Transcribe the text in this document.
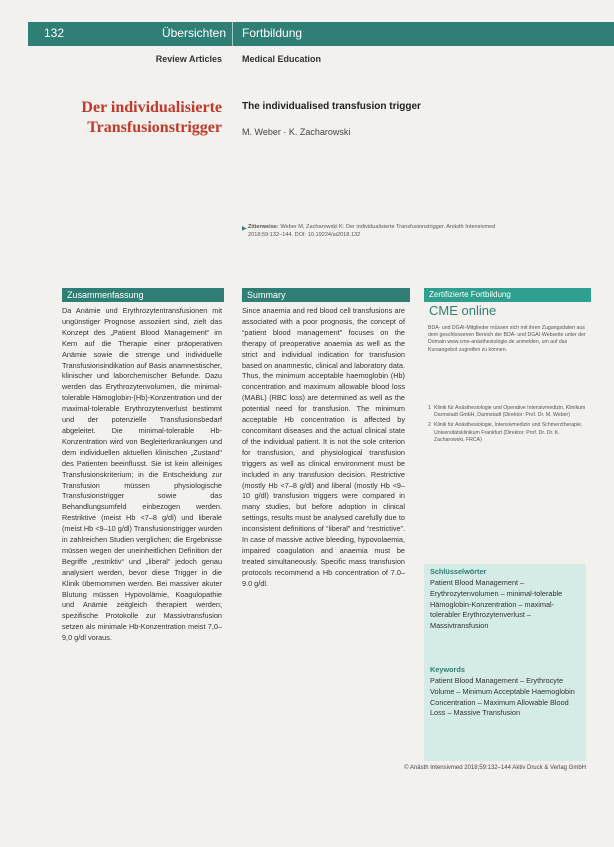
132	Übersichten Fortbildung
Review Articles Medical Education
Der individualisierte Transfusionstrigger
The individualised transfusion trigger
M. Weber · K. Zacharowski
▶ Zitierweise: Weber M, Zacharowski K: Der individualisierte Transfusionstrigger. Anästh Intensivmed 2018;59:132–144. DOI: 10.19224/ai2018.132
Zusammenfassung	Summary	Zertifizierte Fortbildung
CME online
BDA- und DGAI-Mitglieder müssen sich mit ihren Zugangsdaten aus dem geschlossenen Bereich der BDA- und DGAI-Webseite unter der Domain www.cme-anästhesiologie.de anmelden, um auf das Kursangebot zugreifen zu können.
1 Klinik für Anästhesiologie und Operative Intensivmedizin, Klinikum Darmstadt GmbH, Darmstadt (Direktor: Prof. Dr. M. Weber)
2 Klinik für Anästhesiologie, Intensivmedizin und Schmerztherapie, Universitätsklinikum Frankfurt (Direktor: Prof. Dr. Dr. K. Zacharowski, FRCA)
Da Anämie und Erythrozytentransfusionen mit ungünstiger Prognose assoziiert sind, zielt das Konzept des „Patient Blood Management“ im Kern auf die Therapie einer präoperativen Anämie sowie die strenge und individuelle Transfusionsindikation auf Basis anamnestischer, klinischer und laborchemischer Befunde. Dazu werden das Erythrozytenvolumen, die minimal-tolerable Hämoglobin-(Hb)-Konzentration und der maximal-tolerable Erythrozytenverlust bestimmt und der potenzielle Transfusionsbedarf abgeleitet. Die minimal-tolerable Hb-Konzentration wird von Begleiterkrankungen und dem individuellen aktuellen klinischen „Zustand“ des Patienten beeinflusst. Sie ist kein alleiniges Transfusionskriterium; in die Entscheidung zur Transfusion müssen physiologische Transfusionstrigger sowie das Behandlungsumfeld einbezogen werden. Restriktive (meist Hb <7–8 g/dl) und liberale (meist Hb <9–10 g/dl) Transfusionstrigger wurden in zahlreichen Studien verglichen; die Ergebnisse müssen wegen der uneinheitlichen Definition der Begriffe „restriktiv“ und „liberal“ jedoch genau analysiert werden, bevor diese Trigger in die Klinik übernommen werden. Bei massiver akuter Blutung müssen Hypovolämie, Koagulopathie und Anämie zeitgleich therapiert werden; spezifische Protokolle zur Massivtransfusion setzen als minimale Hb-Konzentration meist 7,0–9,0 g/dl voraus.
Since anaemia and red blood cell transfusions are associated with a poor prognosis, the concept of “patient blood management” focuses on the therapy of preoperative anaemia as well as the strict and individual indication for transfusion based on anamnestic, clinical and laboratory data. Thus, the minimum acceptable haemoglobin (Hb) concentration and maximum allowable blood loss (MABL) (RBC loss) are determined as well as the potential need for transfusion. The minimum acceptable Hb concentration is affected by concomitant diseases and the actual clinical state of the individual patient. It is not the sole criterion for transfusion, and physiological transfusion triggers as well as clinical environment must be included in any transfusion decision. Restrictive (mostly Hb <7–8 g/dl) and liberal (mostly Hb <9–10 g/dl) transfusion triggers were compared in many studies, but before adoption in clinical settings, results must be analysed carefully due to inconsistent definitions of “liberal” and “restrictive”. In case of massive active bleeding, hypovolaemia, impaired coagulation and anaemia must be treated simultaneously. Specific mass transfusion protocols recommend a Hb concentration of 7.0–9.0 g/dl.
Schlüsselwörter
Patient Blood Management – Erythrozytenvolumen – minimal-tolerable Hämoglobin-Konzentration – maximal-tolerabler Erythrozytenverlust – Massivtransfusion
Keywords
Patient Blood Management – Erythrocyte Volume – Minimum Acceptable Haemoglobin Concentration – Maximum Allowable Blood Loss – Massive Transfusion
© Anästh Intensivmed 2018;59:132–144 Aktiv Druck & Verlag GmbH
